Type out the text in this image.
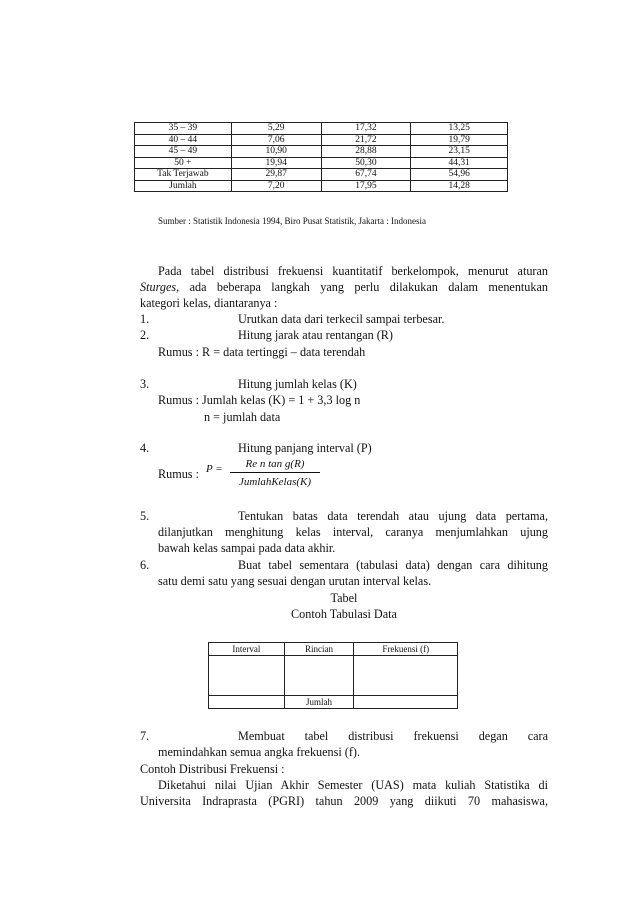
35 – 39	5,29	17,32	13,25
40 – 44	7,06	21,72	19,79
45 – 49	10,90	28,88	23,15
50 +	19,94	50,30	44,31
Tak Terjawab	29,87	67,74	54,96
Jumlah	7,20	17,95	14,28
Sumber : Statistik Indonesia 1994, Biro Pusat Statistik, Jakarta : Indonesia
Pada tabel distribusi frekuensi kuantitatif berkelompok, menurut aturan
Sturges, ada beberapa langkah yang perlu dilakukan dalam menentukan
kategori kelas, diantaranya :
1.	Urutkan data dari terkecil sampai terbesar.
2.	Hitung jarak atau rentangan (R)
Rumus : R = data tertinggi – data terendah
3.	Hitung jumlah kelas (K)
Rumus : Jumlah kelas (K) = 1 + 3,3 log n
n = jumlah data
4.	Hitung panjang interval (P)
Rumus : P =	Re n tan g(R)
JumlahKelas(K)
5.	Tentukan batas data terendah atau ujung data pertama,
dilanjutkan menghitung kelas interval, caranya menjumlahkan ujung
bawah kelas sampai pada data akhir.
6.	Buat tabel sementara (tabulasi data) dengan cara dihitung
satu demi satu yang sesuai dengan urutan interval kelas.
Tabel
Contoh Tabulasi Data
Interval	Rincian	Frekuensi (f)

	Jumlah	
7.	Membuat tabel distribusi frekuensi degan cara
memindahkan semua angka frekuensi (f).
Contoh Distribusi Frekuensi :
Diketahui nilai Ujian Akhir Semester (UAS) mata kuliah Statistika di
Universita Indraprasta (PGRI) tahun 2009 yang diikuti 70 mahasiswa,
